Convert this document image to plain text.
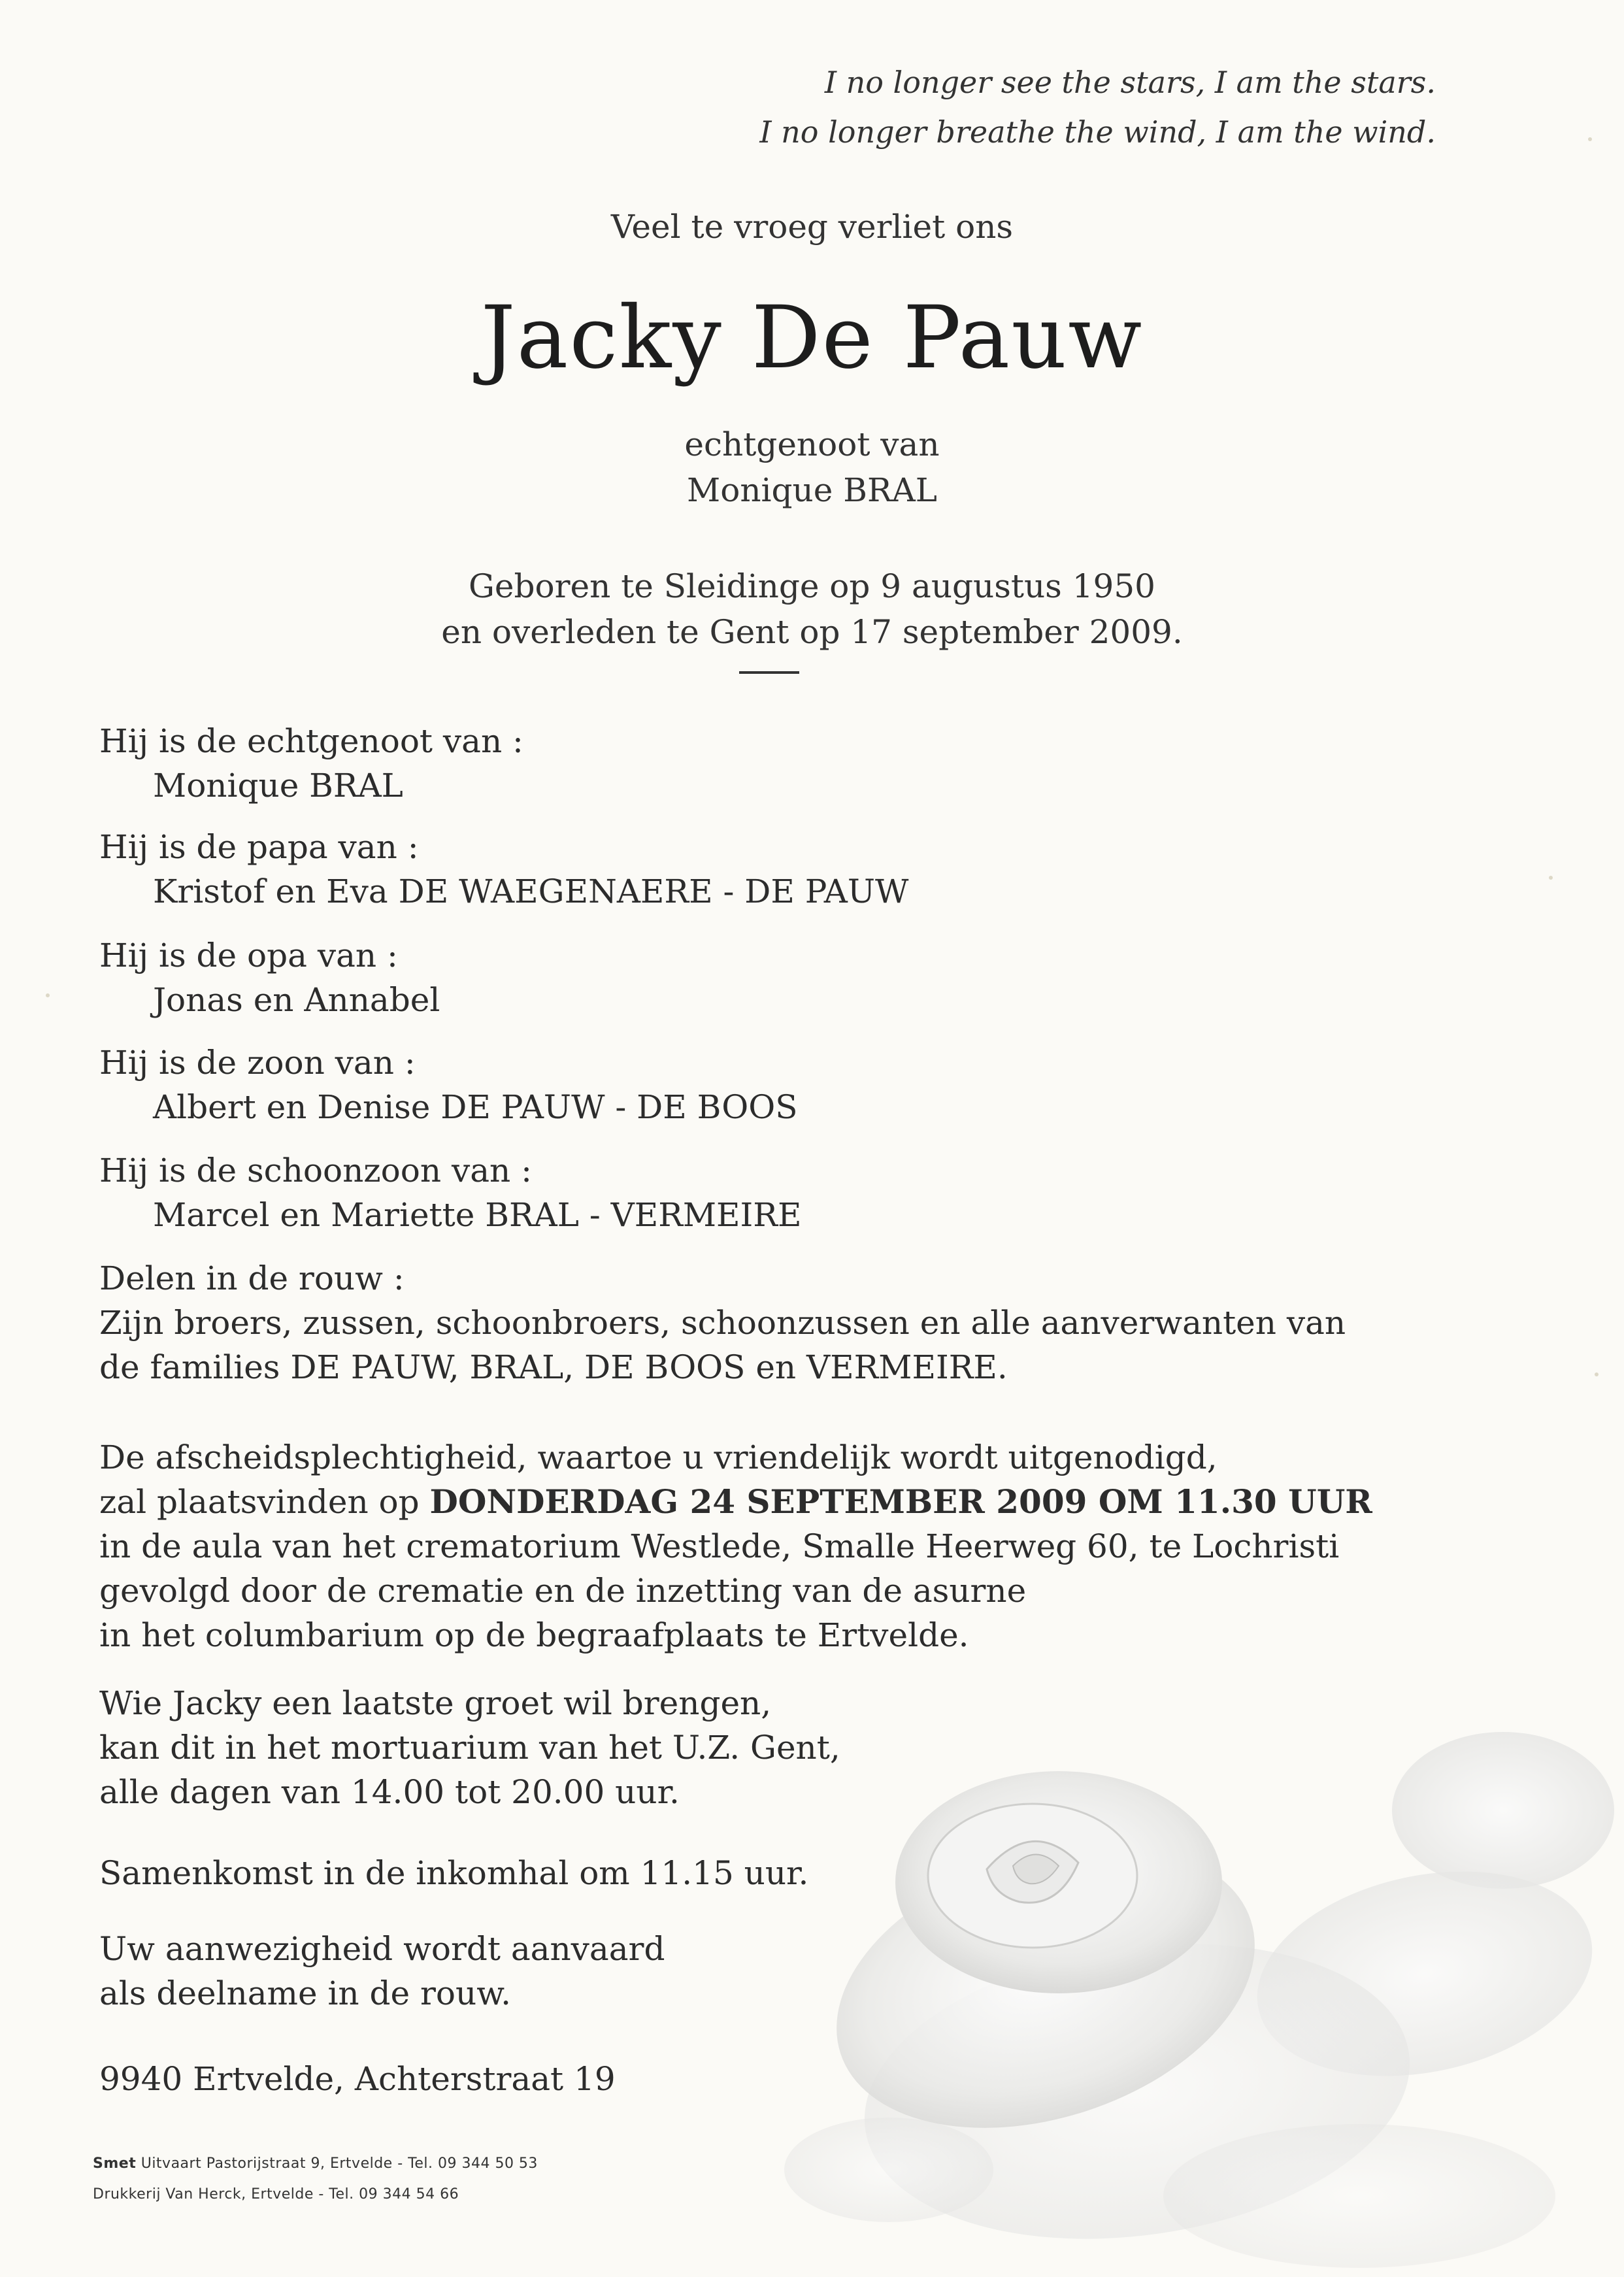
I no longer see the stars, I am the stars.
I no longer breathe the wind, I am the wind.
Veel te vroeg verliet ons
Jacky De Pauw
echtgenoot van
Monique BRAL
Geboren te Sleidinge op 9 augustus 1950
en overleden te Gent op 17 september 2009.
Hij is de echtgenoot van :
Monique BRAL
Hij is de papa van :
Kristof en Eva DE WAEGENAERE - DE PAUW
Hij is de opa van :
Jonas en Annabel
Hij is de zoon van :
Albert en Denise DE PAUW - DE BOOS
Hij is de schoonzoon van :
Marcel en Mariette BRAL - VERMEIRE
Delen in de rouw :
Zijn broers, zussen, schoonbroers, schoonzussen en alle aanverwanten van
de families DE PAUW, BRAL, DE BOOS en VERMEIRE.
De afscheidsplechtigheid, waartoe u vriendelijk wordt uitgenodigd,
zal plaatsvinden op DONDERDAG 24 SEPTEMBER 2009 OM 11.30 UUR
in de aula van het crematorium Westlede, Smalle Heerweg 60, te Lochristi
gevolgd door de crematie en de inzetting van de asurne
in het columbarium op de begraafplaats te Ertvelde.
Wie Jacky een laatste groet wil brengen,
kan dit in het mortuarium van het U.Z. Gent,
alle dagen van 14.00 tot 20.00 uur.
Samenkomst in de inkomhal om 11.15 uur.
Uw aanwezigheid wordt aanvaard
als deelname in de rouw.
9940 Ertvelde, Achterstraat 19
Smet Uitvaart Pastorijstraat 9, Ertvelde - Tel. 09 344 50 53
Drukkerij Van Herck, Ertvelde - Tel. 09 344 54 66
